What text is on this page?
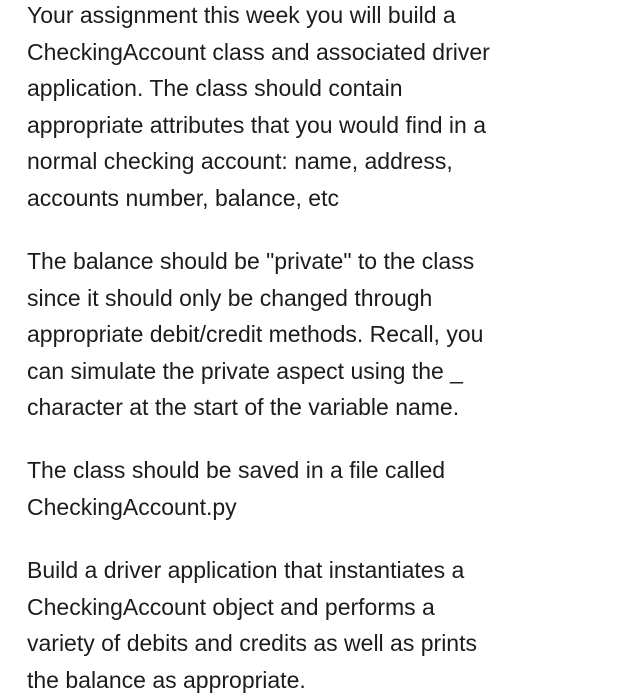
Your assignment this week you will build a
CheckingAccount class and associated driver
application. The class should contain
appropriate attributes that you would find in a
normal checking account: name, address,
accounts number, balance, etc

The balance should be "private" to the class
since it should only be changed through
appropriate debit/credit methods. Recall, you
can simulate the private aspect using the _
character at the start of the variable name.

The class should be saved in a file called
CheckingAccount.py

Build a driver application that instantiates a
CheckingAccount object and performs a
variety of debits and credits as well as prints
the balance as appropriate.
